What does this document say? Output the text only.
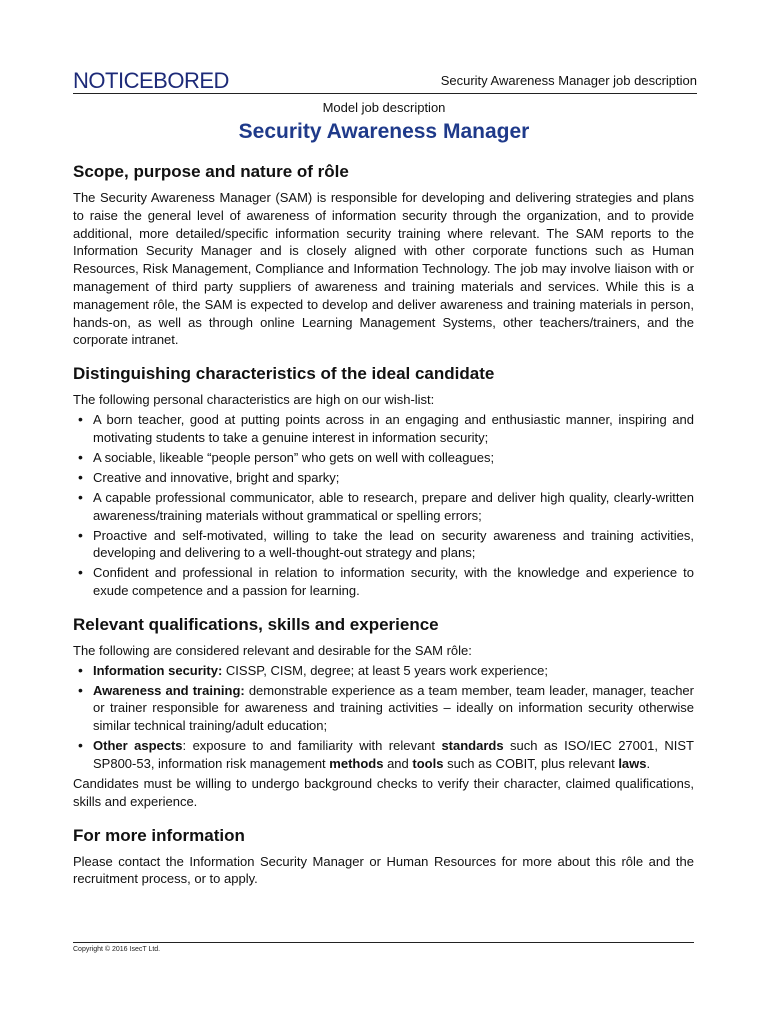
NOTICEBORED	Security Awareness Manager job description
Model job description
Security Awareness Manager
Scope, purpose and nature of rôle

The Security Awareness Manager (SAM) is responsible for developing and delivering strategies and plans to raise the general level of awareness of information security through the organization, and to provide additional, more detailed/specific information security training where relevant. The SAM reports to the Information Security Manager and is closely aligned with other corporate functions such as Human Resources, Risk Management, Compliance and Information Technology. The job may involve liaison with or management of third party suppliers of awareness and training materials and services. While this is a management rôle, the SAM is expected to develop and deliver awareness and training materials in person, hands-on, as well as through online Learning Management Systems, other teachers/trainers, and the corporate intranet.

Distinguishing characteristics of the ideal candidate

The following personal characteristics are high on our wish-list:

• A born teacher, good at putting points across in an engaging and enthusiastic manner, inspiring and motivating students to take a genuine interest in information security;
• A sociable, likeable “people person” who gets on well with colleagues;
• Creative and innovative, bright and sparky;
• A capable professional communicator, able to research, prepare and deliver high quality, clearly-written awareness/training materials without grammatical or spelling errors;
• Proactive and self-motivated, willing to take the lead on security awareness and training activities, developing and delivering to a well-thought-out strategy and plans;
• Confident and professional in relation to information security, with the knowledge and experience to exude competence and a passion for learning.
Relevant qualifications, skills and experience

The following are considered relevant and desirable for the SAM rôle:

• Information security: CISSP, CISM, degree; at least 5 years work experience;
• Awareness and training: demonstrable experience as a team member, team leader, manager, teacher or trainer responsible for awareness and training activities – ideally on information security otherwise similar technical training/adult education;
• Other aspects: exposure to and familiarity with relevant standards such as ISO/IEC 27001, NIST SP800-53, information risk management methods and tools such as COBIT, plus relevant laws.

Candidates must be willing to undergo background checks to verify their character, claimed qualifications, skills and experience.

For more information

Please contact the Information Security Manager or Human Resources for more about this rôle and the recruitment process, or to apply.

Copyright © 2016 IsecT Ltd.
